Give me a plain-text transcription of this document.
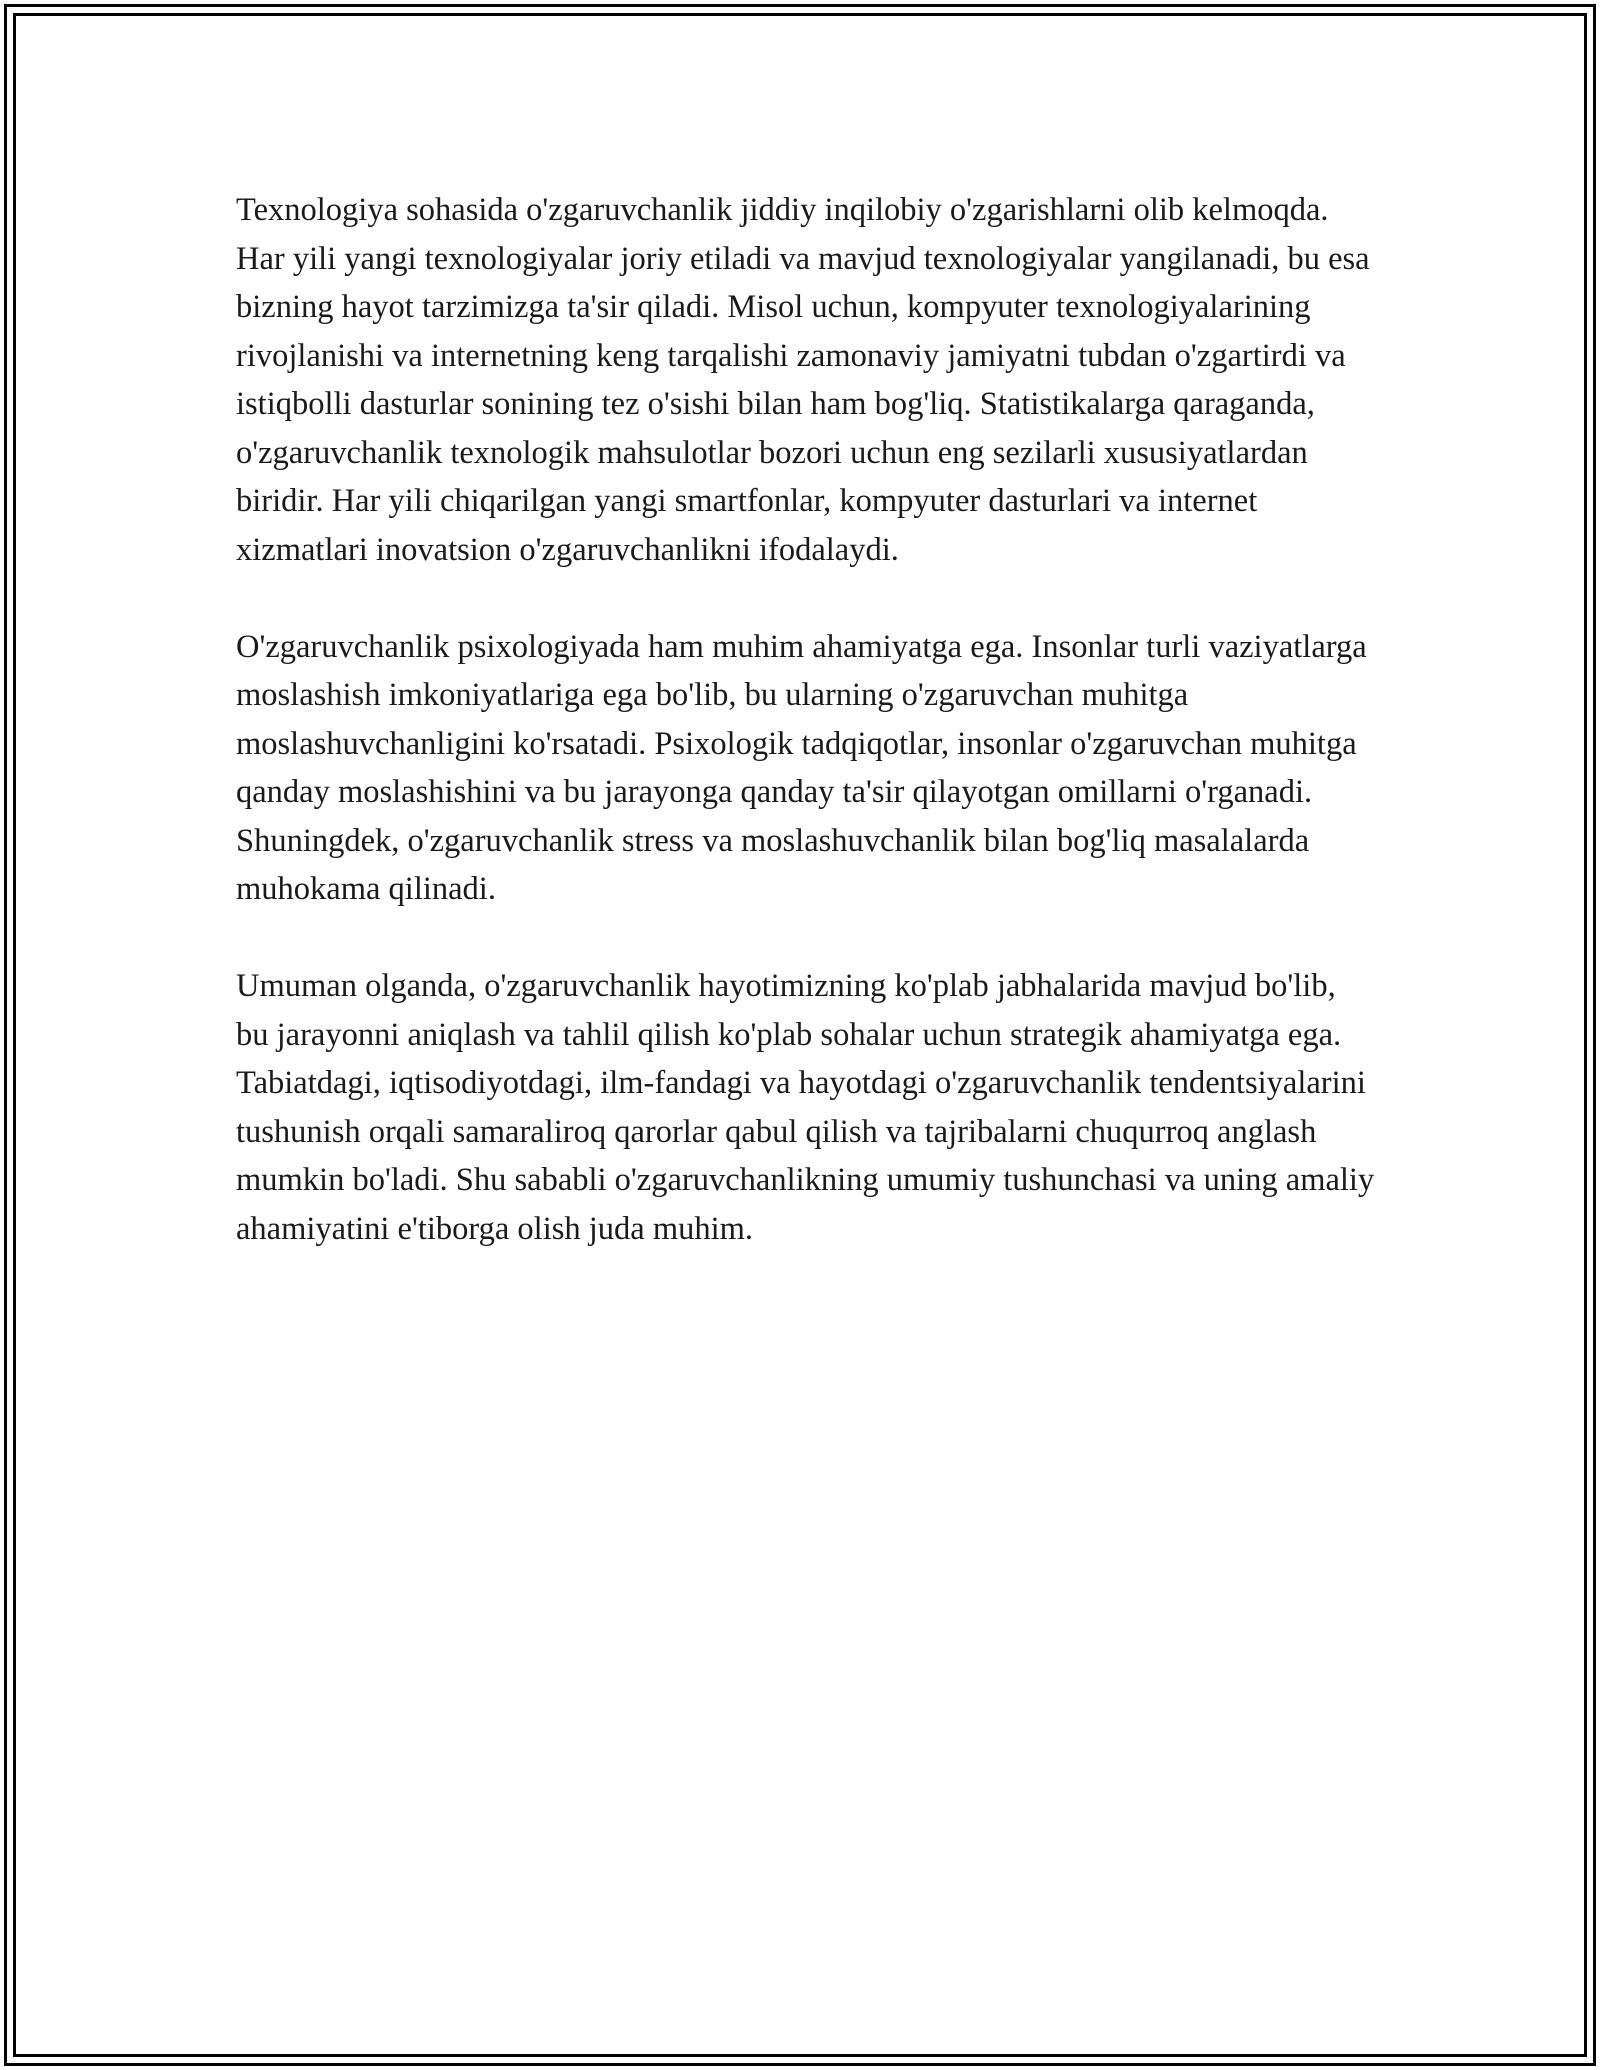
Texnologiya sohasida o'zgaruvchanlik jiddiy inqilobiy o'zgarishlarni olib kelmoqda. Har yili yangi texnologiyalar joriy etiladi va mavjud texnologiyalar yangilanadi, bu esa bizning hayot tarzimizga ta'sir qiladi. Misol uchun, kompyuter texnologiyalarining rivojlanishi va internetning keng tarqalishi zamonaviy jamiyatni tubdan o'zgartirdi va istiqbolli dasturlar sonining tez o'sishi bilan ham bog'liq. Statistikalarga qaraganda, o'zgaruvchanlik texnologik mahsulotlar bozori uchun eng sezilarli xususiyatlardan biridir. Har yili chiqarilgan yangi smartfonlar, kompyuter dasturlari va internet xizmatlari inovatsion o'zgaruvchanlikni ifodalaydi.

O'zgaruvchanlik psixologiyada ham muhim ahamiyatga ega. Insonlar turli vaziyatlarga moslashish imkoniyatlariga ega bo'lib, bu ularning o'zgaruvchan muhitga moslashuvchanligini ko'rsatadi. Psixologik tadqiqotlar, insonlar o'zgaruvchan muhitga qanday moslashishini va bu jarayonga qanday ta'sir qilayotgan omillarni o'rganadi. Shuningdek, o'zgaruvchanlik stress va moslashuvchanlik bilan bog'liq masalalarda muhokama qilinadi.

Umuman olganda, o'zgaruvchanlik hayotimizning ko'plab jabhalarida mavjud bo'lib, bu jarayonni aniqlash va tahlil qilish ko'plab sohalar uchun strategik ahamiyatga ega. Tabiatdagi, iqtisodiyotdagi, ilm-fandagi va hayotdagi o'zgaruvchanlik tendentsiyalarini tushunish orqali samaraliroq qarorlar qabul qilish va tajribalarni chuqurroq anglash mumkin bo'ladi. Shu sababli o'zgaruvchanlikning umumiy tushunchasi va uning amaliy ahamiyatini e'tiborga olish juda muhim.
